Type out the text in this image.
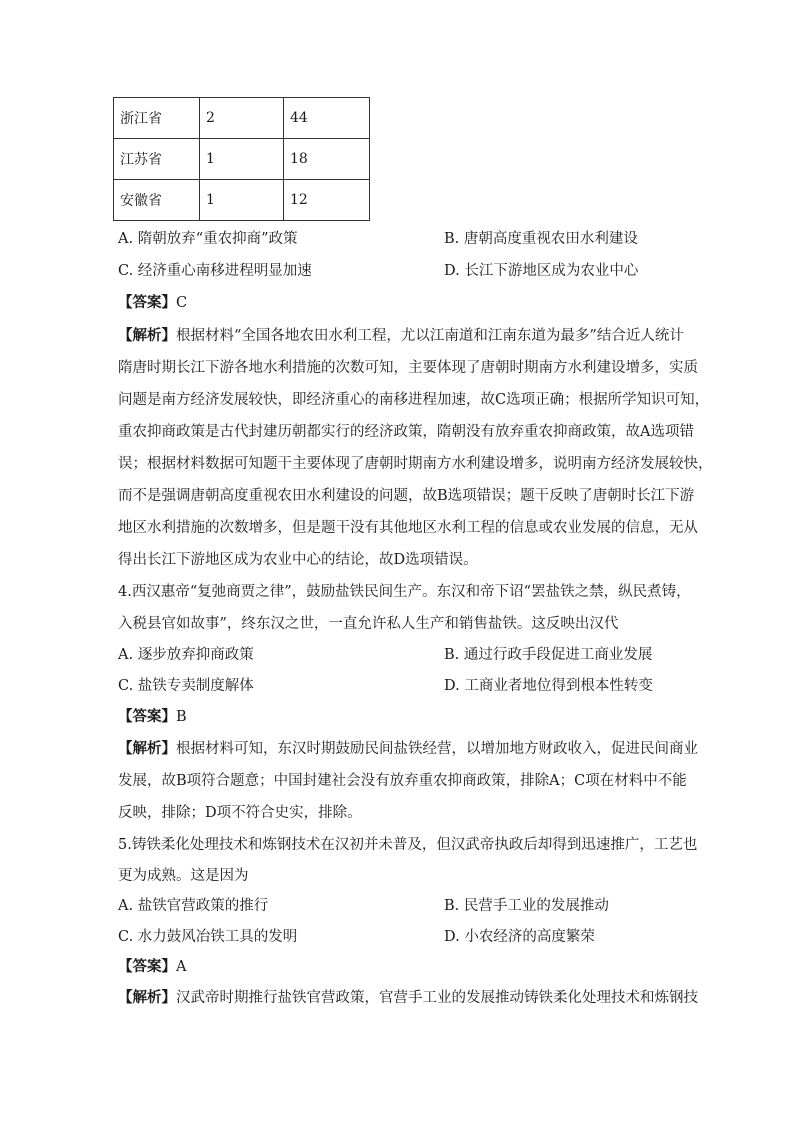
浙江省	2	44
江苏省	1	18
安徽省	1	12
A. 隋朝放弃“重农抑商”政策	B. 唐朝高度重视农田水利建设
C. 经济重心南移进程明显加速	D. 长江下游地区成为农业中心
【答案】C
【解析】根据材料“全国各地农田水利工程，尤以江南道和江南东道为最多”结合近人统计
隋唐时期长江下游各地水利措施的次数可知，主要体现了唐朝时期南方水利建设增多，实质
问题是南方经济发展较快，即经济重心的南移进程加速，故C选项正确；根据所学知识可知，
重农抑商政策是古代封建历朝都实行的经济政策，隋朝没有放弃重农抑商政策，故A选项错
误；根据材料数据可知题干主要体现了唐朝时期南方水利建设增多，说明南方经济发展较快，
而不是强调唐朝高度重视农田水利建设的问题，故B选项错误；题干反映了唐朝时长江下游
地区水利措施的次数增多，但是题干没有其他地区水利工程的信息或农业发展的信息，无从
得出长江下游地区成为农业中心的结论，故D选项错误。
4.西汉惠帝“复弛商贾之律”，鼓励盐铁民间生产。东汉和帝下诏“罢盐铁之禁，纵民煮铸，
入税县官如故事”，终东汉之世，一直允许私人生产和销售盐铁。这反映出汉代
A. 逐步放弃抑商政策	B. 通过行政手段促进工商业发展
C. 盐铁专卖制度解体	D. 工商业者地位得到根本性转变
【答案】B
【解析】根据材料可知，东汉时期鼓励民间盐铁经营，以增加地方财政收入，促进民间商业
发展，故B项符合题意；中国封建社会没有放弃重农抑商政策，排除A；C项在材料中不能
反映，排除；D项不符合史实，排除。
5.铸铁柔化处理技术和炼钢技术在汉初并未普及，但汉武帝执政后却得到迅速推广，工艺也
更为成熟。这是因为
A. 盐铁官营政策的推行	B. 民营手工业的发展推动
C. 水力鼓风冶铁工具的发明	D. 小农经济的高度繁荣
【答案】A
【解析】汉武帝时期推行盐铁官营政策，官营手工业的发展推动铸铁柔化处理技术和炼钢技
